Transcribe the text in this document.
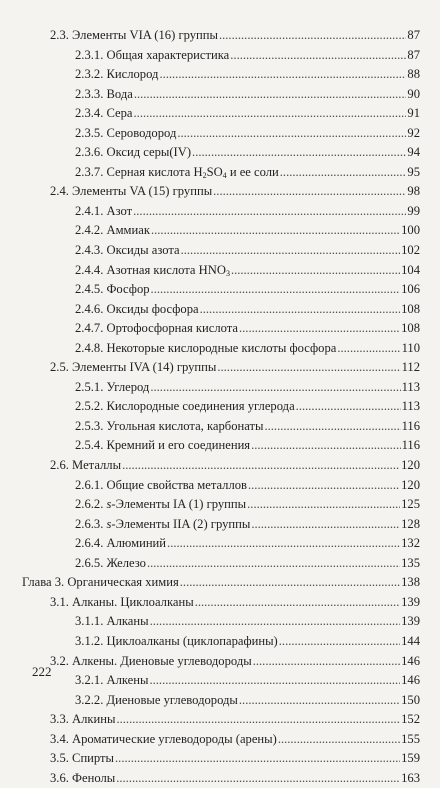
2.3. Элементы VIA (16) группы .....	87
2.3.1. Общая характеристика .....	87
2.3.2. Кислород .....	88
2.3.3. Вода .....	90
2.3.4. Сера .....	91
2.3.5. Сероводород .....	92
2.3.6. Оксид серы(IV) .....	94
2.3.7. Серная кислота $H_2SO_4$ и ее соли .....	95
2.4. Элементы VA (15) группы .....	98
2.4.1. Азот .....	99
2.4.2. Аммиак .....	100
2.4.3. Оксиды азота .....	102
2.4.4. Азотная кислота $HNO_3$ .....	104
2.4.5. Фосфор .....	106
2.4.6. Оксиды фосфора .....	108
2.4.7. Ортофосфорная кислота .....	108
2.4.8. Некоторые кислородные кислоты фосфора .....	110
2.5. Элементы IVA (14) группы .....	112
2.5.1. Углерод .....	113
2.5.2. Кислородные соединения углерода .....	113
2.5.3. Угольная кислота, карбонаты .....	116
2.5.4. Кремний и его соединения .....	116
2.6. Металлы .....	120
2.6.1. Общие свойства металлов .....	120
2.6.2. s-Элементы IA (1) группы .....	125
2.6.3. s-Элементы IIA (2) группы .....	128
2.6.4. Алюминий .....	132
2.6.5. Железо .....	135
Глава 3. Органическая химия .....	138
3.1. Алканы. Циклоалканы .....	139
3.1.1. Алканы .....	139
3.1.2. Циклоалканы (циклопарафины) .....	144
3.2. Алкены. Диеновые углеводороды .....	146
3.2.1. Алкены .....	146
3.2.2. Диеновые углеводороды .....	150
3.3. Алкины .....	152
3.4. Ароматические углеводороды (арены) .....	155
3.5. Спирты .....	159
3.6. Фенолы .....	163
222
